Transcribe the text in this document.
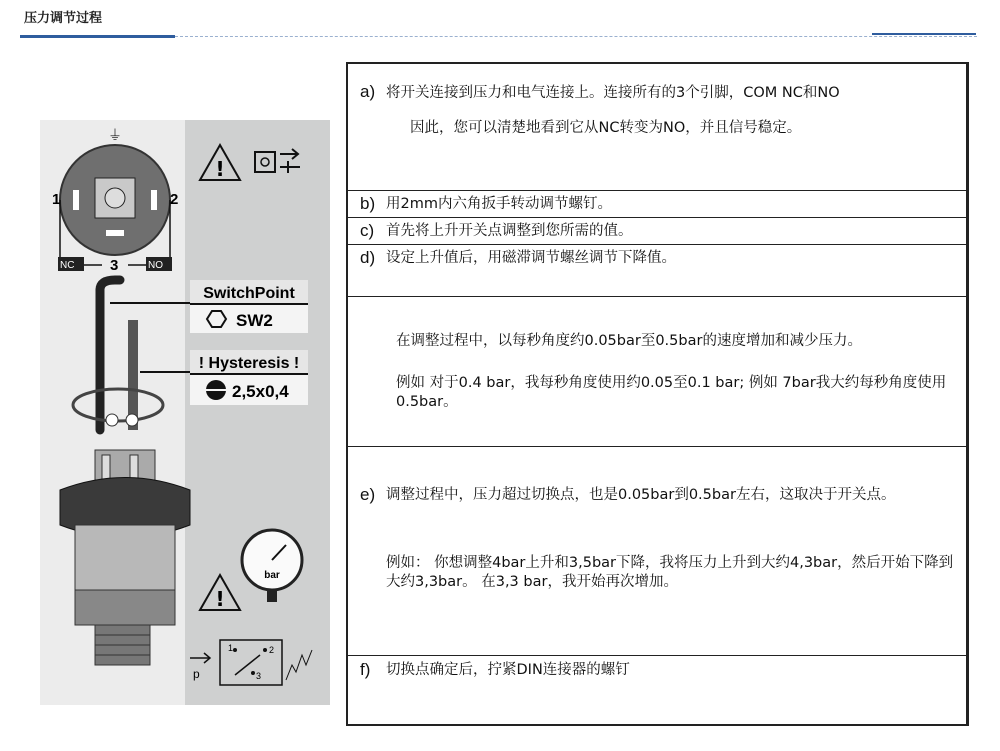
压力调节过程
⏚
1	2
3
NC	NO
!
SwitchPoint
SW2
! Hysteresis !
2,5x0,4
bar
!
p
1	2
3
a) 将开关连接到压力和电气连接上。连接所有的3个引脚，COM NC和NO
因此，您可以清楚地看到它从NC转变为NO，并且信号稳定。
b) 用2mm内六角扳手转动调节螺钉。
c) 首先将上升开关点调整到您所需的值。
d) 设定上升值后，用磁滞调节螺丝调节下降值。
在调整过程中，以每秒角度约0.05bar至0.5bar的速度增加和减少压力。
例如 对于0.4 bar，我每秒角度使用约0.05至0.1 bar; 例如 7bar我大约每秒角度使用0.5bar。
e) 调整过程中，压力超过切换点，也是0.05bar到0.5bar左右，这取决于开关点。
例如： 你想调整4bar上升和3,5bar下降，我将压力上升到大约4,3bar，然后开始下降到大约3,3bar。 在3,3 bar，我开始再次增加。
f) 切换点确定后，拧紧DIN连接器的螺钉
